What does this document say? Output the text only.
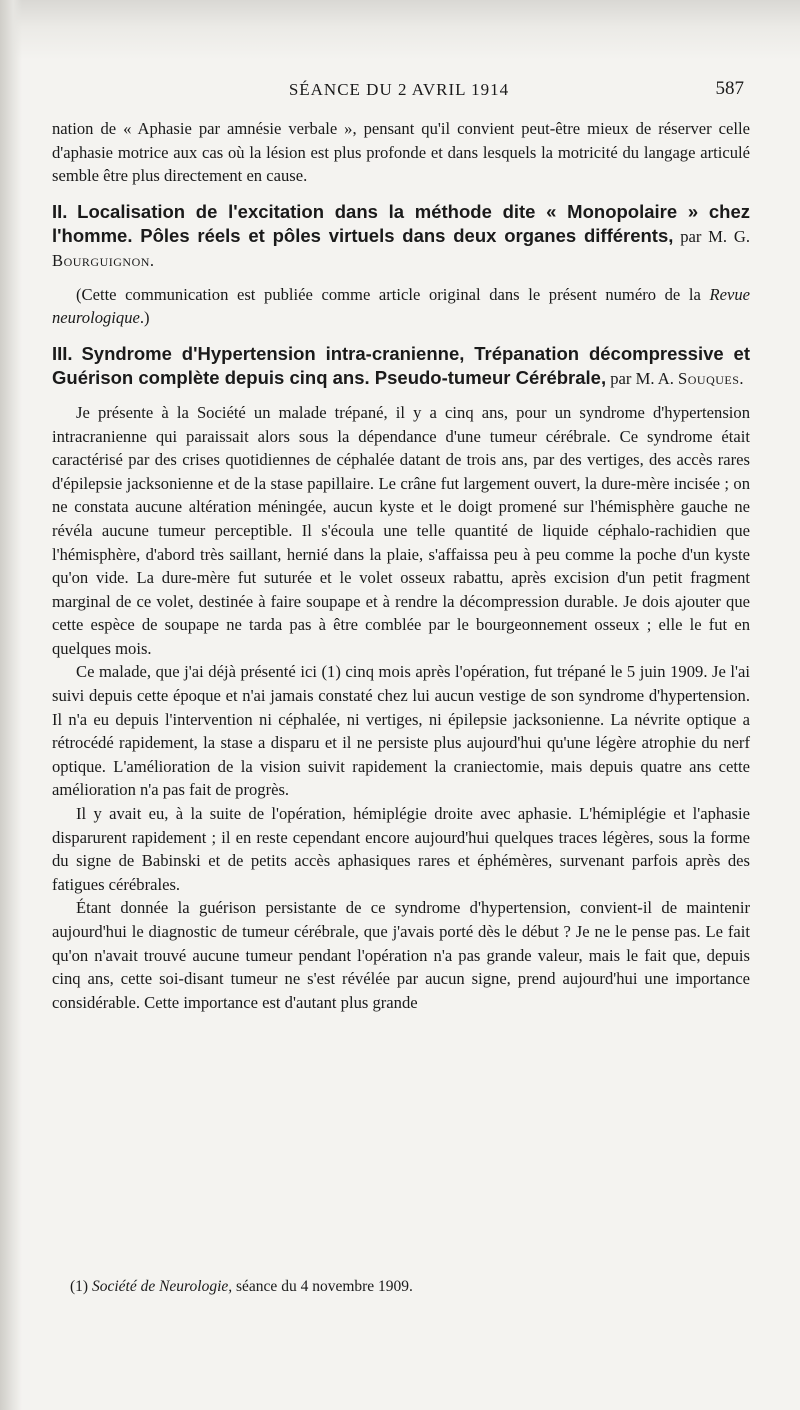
SÉANCE DU 2 AVRIL 1914	587

nation de « Aphasie par amnésie verbale », pensant qu'il convient peut-être mieux de réserver celle d'aphasie motrice aux cas où la lésion est plus profonde et dans lesquels la motricité du langage articulé semble être plus directement en cause.

II. Localisation de l'excitation dans la méthode dite « Monopolaire » chez l'homme. Pôles réels et pôles virtuels dans deux organes différents, par M. G. Bourguignon.

(Cette communication est publiée comme article original dans le présent numéro de la Revue neurologique.)

III. Syndrome d'Hypertension intra-cranienne, Trépanation décompressive et Guérison complète depuis cinq ans. Pseudo-tumeur Cérébrale, par M. A. Souques.

Je présente à la Société un malade trépané, il y a cinq ans, pour un syndrome d'hypertension intracranienne qui paraissait alors sous la dépendance d'une tumeur cérébrale. Ce syndrome était caractérisé par des crises quotidiennes de céphalée datant de trois ans, par des vertiges, des accès rares d'épilepsie jacksonienne et de la stase papillaire. Le crâne fut largement ouvert, la dure-mère incisée ; on ne constata aucune altération méningée, aucun kyste et le doigt promené sur l'hémisphère gauche ne révéla aucune tumeur perceptible. Il s'écoula une telle quantité de liquide céphalo-rachidien que l'hémisphère, d'abord très saillant, hernié dans la plaie, s'affaissa peu à peu comme la poche d'un kyste qu'on vide. La dure-mère fut suturée et le volet osseux rabattu, après excision d'un petit fragment marginal de ce volet, destinée à faire soupape et à rendre la décompression durable. Je dois ajouter que cette espèce de soupape ne tarda pas à être comblée par le bourgeonnement osseux ; elle le fut en quelques mois.

Ce malade, que j'ai déjà présenté ici (1) cinq mois après l'opération, fut trépané le 5 juin 1909. Je l'ai suivi depuis cette époque et n'ai jamais constaté chez lui aucun vestige de son syndrome d'hypertension. Il n'a eu depuis l'intervention ni céphalée, ni vertiges, ni épilepsie jacksonienne. La névrite optique a rétrocédé rapidement, la stase a disparu et il ne persiste plus aujourd'hui qu'une légère atrophie du nerf optique. L'amélioration de la vision suivit rapidement la craniectomie, mais depuis quatre ans cette amélioration n'a pas fait de progrès.

Il y avait eu, à la suite de l'opération, hémiplégie droite avec aphasie. L'hémiplégie et l'aphasie disparurent rapidement ; il en reste cependant encore aujourd'hui quelques traces légères, sous la forme du signe de Babinski et de petits accès aphasiques rares et éphémères, survenant parfois après des fatigues cérébrales.

Étant donnée la guérison persistante de ce syndrome d'hypertension, convient-il de maintenir aujourd'hui le diagnostic de tumeur cérébrale, que j'avais porté dès le début ? Je ne le pense pas. Le fait qu'on n'avait trouvé aucune tumeur pendant l'opération n'a pas grande valeur, mais le fait que, depuis cinq ans, cette soi-disant tumeur ne s'est révélée par aucun signe, prend aujourd'hui une importance considérable. Cette importance est d'autant plus grande

(1) Société de Neurologie, séance du 4 novembre 1909.
